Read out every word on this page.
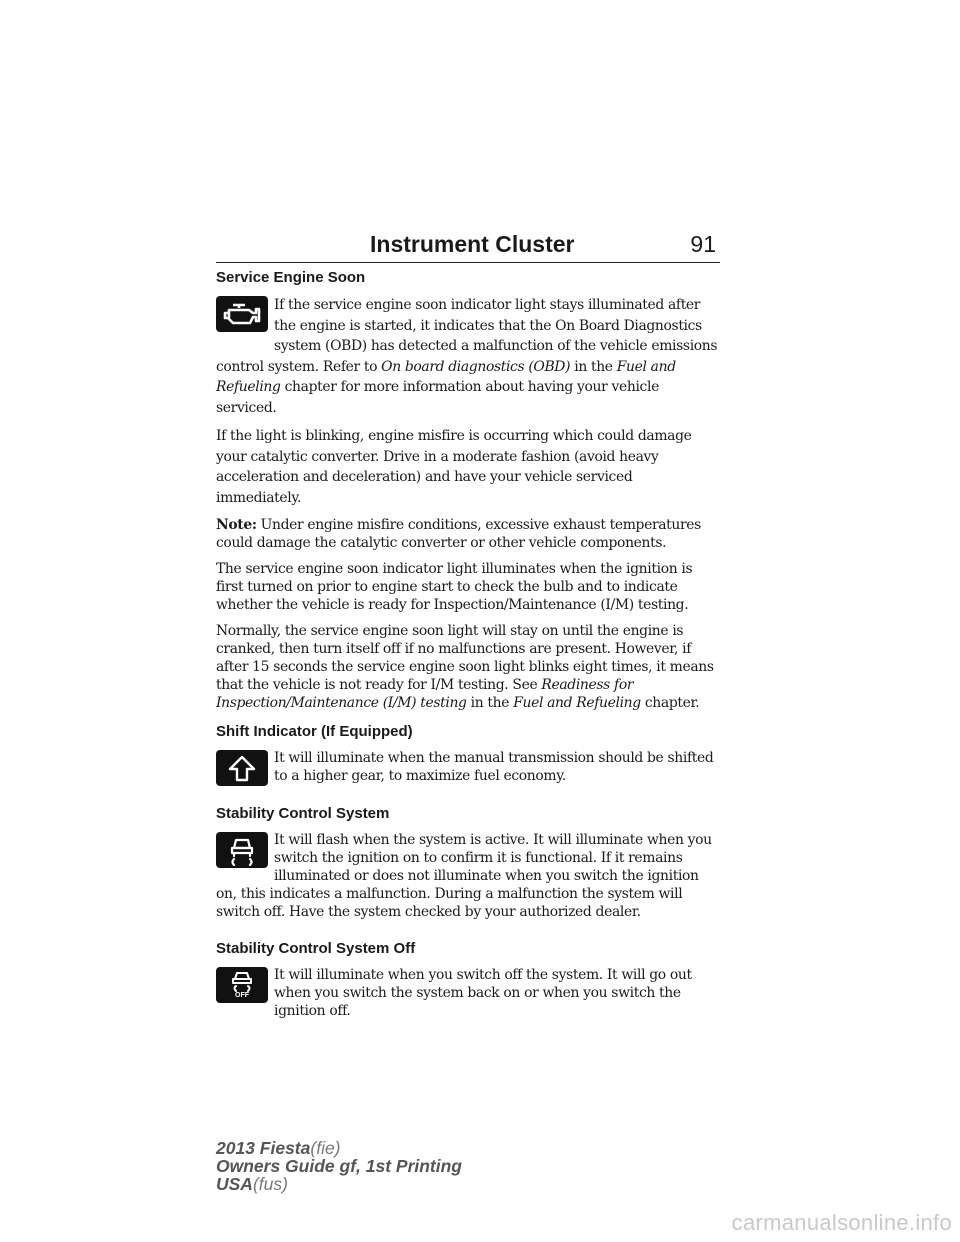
Instrument Cluster	91
Service Engine Soon
If the service engine soon indicator light stays illuminated after the engine is started, it indicates that the On Board Diagnostics system (OBD) has detected a malfunction of the vehicle emissions control system. Refer to On board diagnostics (OBD) in the Fuel and Refueling chapter for more information about having your vehicle serviced.
If the light is blinking, engine misfire is occurring which could damage your catalytic converter. Drive in a moderate fashion (avoid heavy acceleration and deceleration) and have your vehicle serviced immediately.
Note: Under engine misfire conditions, excessive exhaust temperatures could damage the catalytic converter or other vehicle components.
The service engine soon indicator light illuminates when the ignition is first turned on prior to engine start to check the bulb and to indicate whether the vehicle is ready for Inspection/Maintenance (I/M) testing.
Normally, the service engine soon light will stay on until the engine is cranked, then turn itself off if no malfunctions are present. However, if after 15 seconds the service engine soon light blinks eight times, it means that the vehicle is not ready for I/M testing. See Readiness for Inspection/Maintenance (I/M) testing in the Fuel and Refueling chapter.
Shift Indicator (If Equipped)
It will illuminate when the manual transmission should be shifted to a higher gear, to maximize fuel economy.
Stability Control System
It will flash when the system is active. It will illuminate when you switch the ignition on to confirm it is functional. If it remains illuminated or does not illuminate when you switch the ignition on, this indicates a malfunction. During a malfunction the system will switch off. Have the system checked by your authorized dealer.
Stability Control System Off
OFF
It will illuminate when you switch off the system. It will go out when you switch the system back on or when you switch the ignition off.
2013 Fiesta(fie)
Owners Guide gf, 1st Printing
USA(fus)
carmanualsonline.info
